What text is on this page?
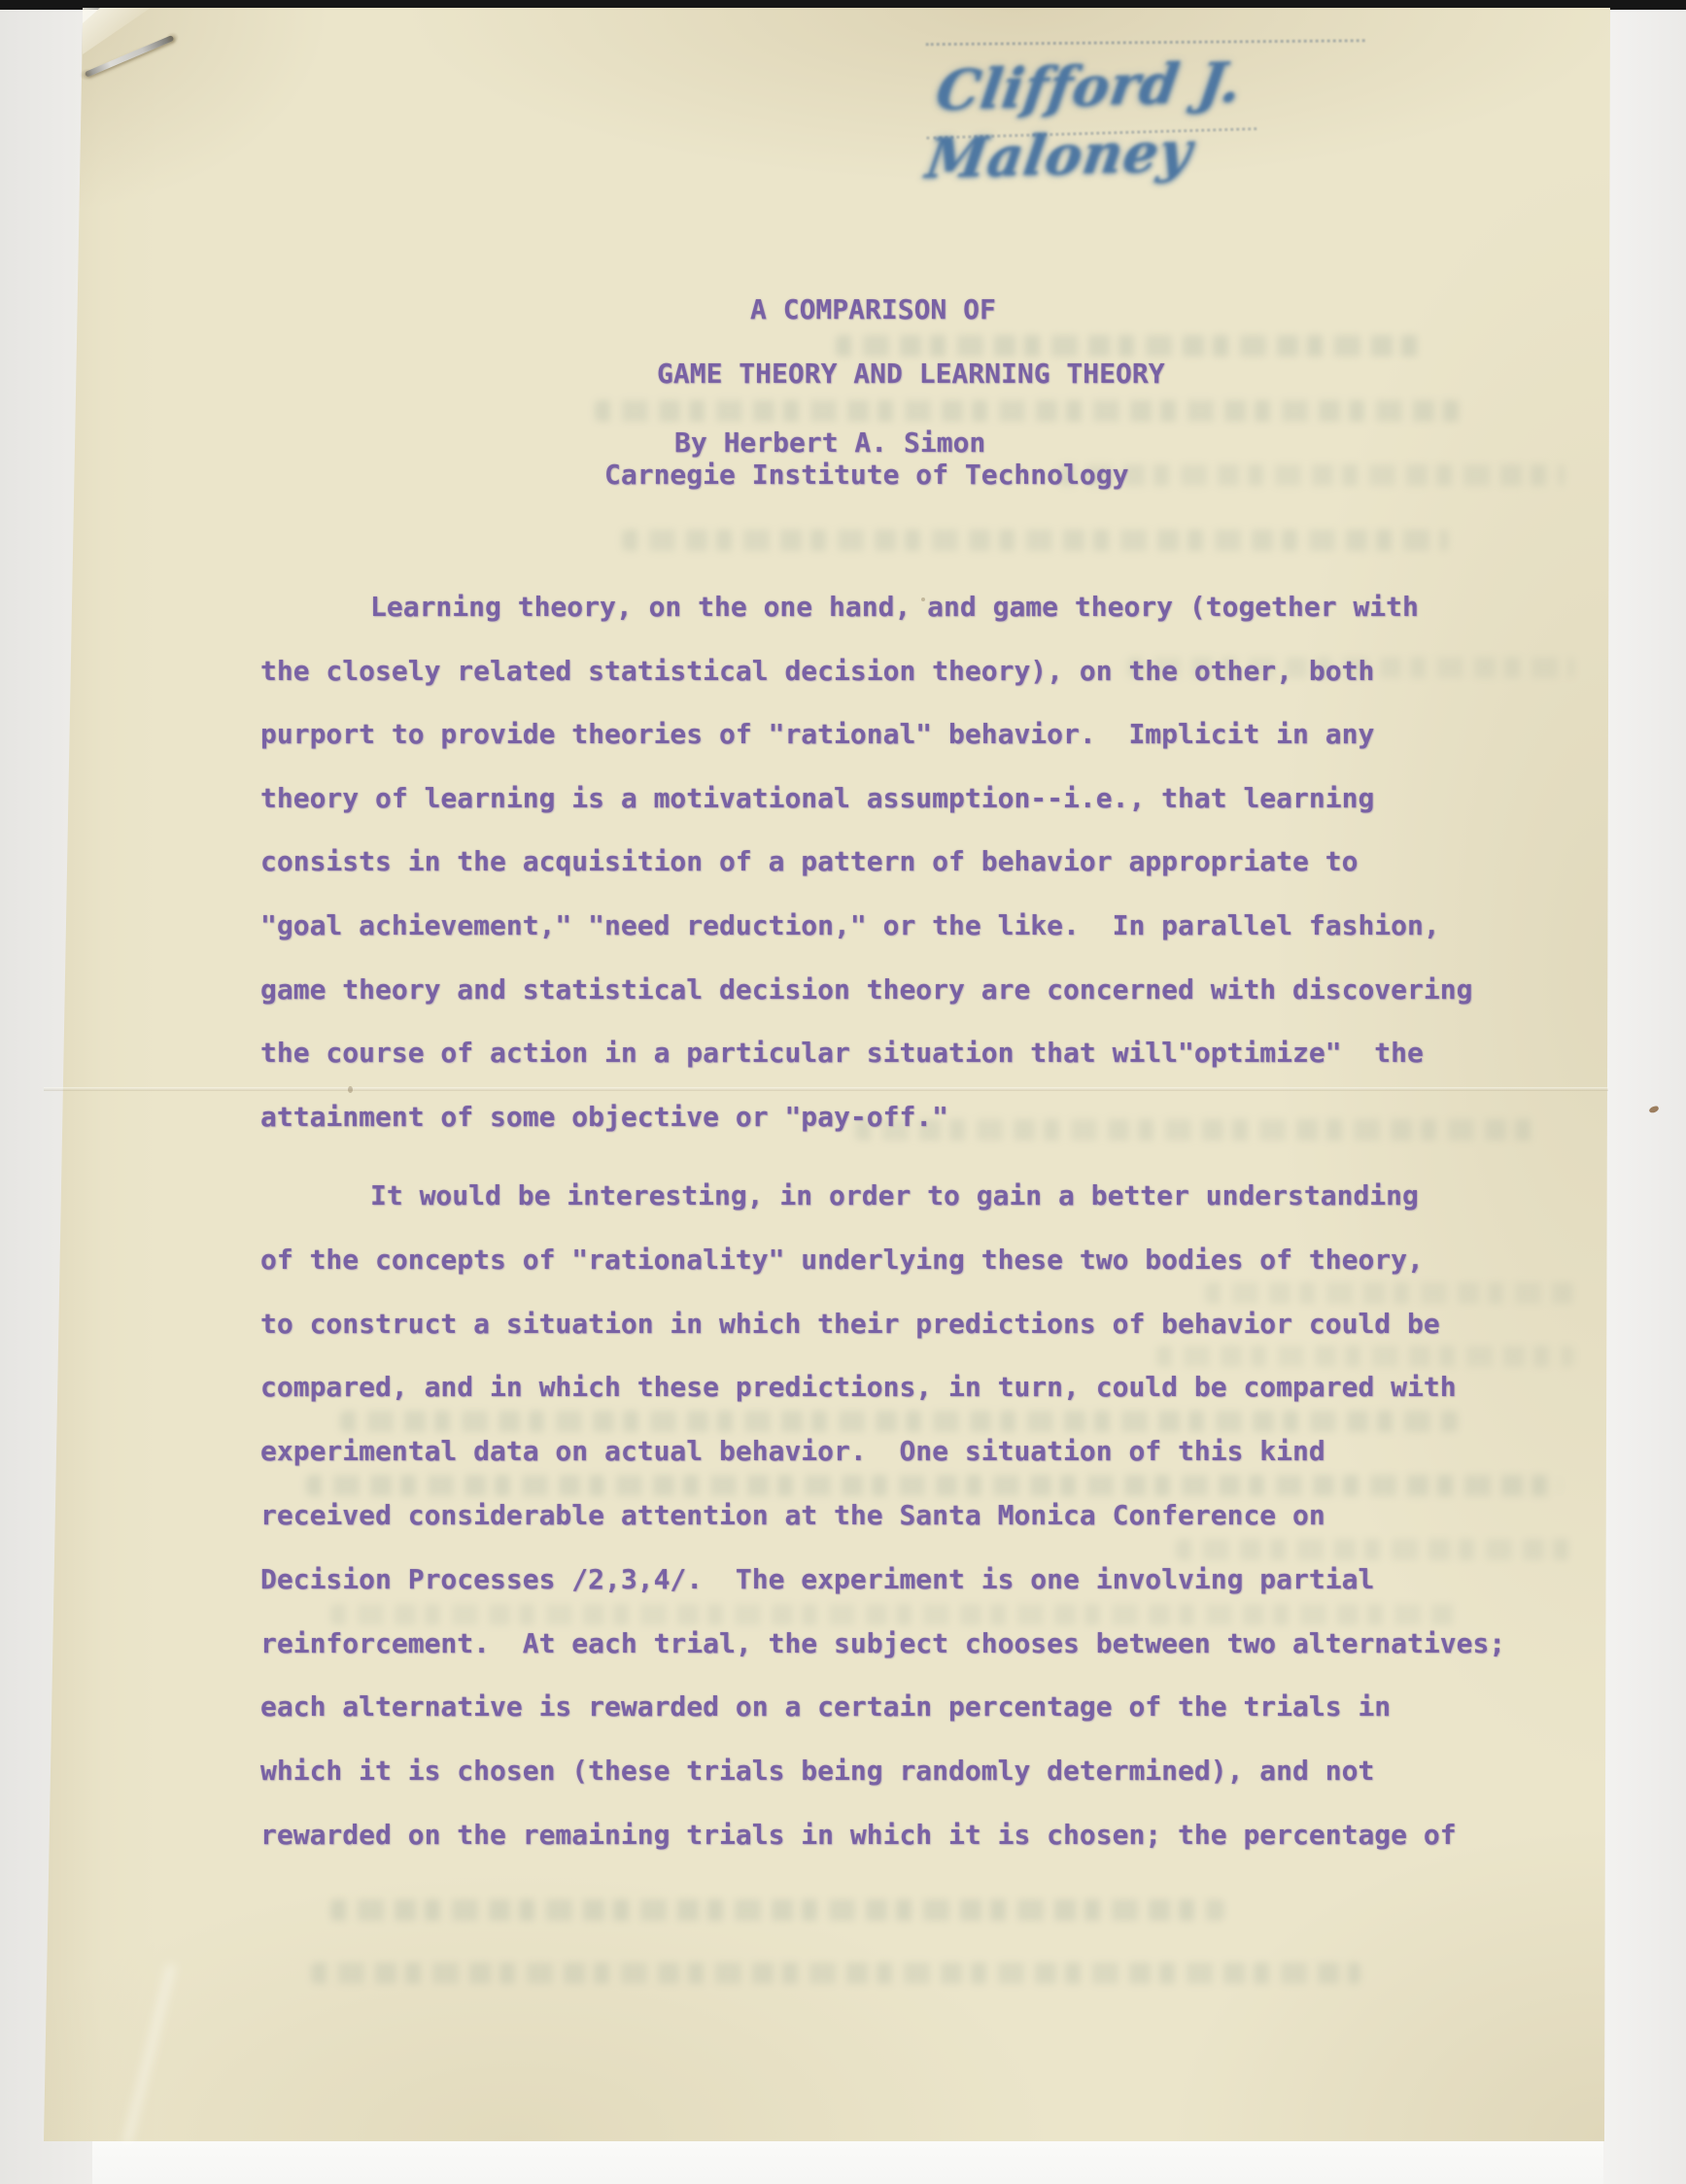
Clifford J. Maloney
A COMPARISON OF
GAME THEORY AND LEARNING THEORY
By Herbert A. Simon
Carnegie Institute of Technology
Learning theory, on the one hand, and game theory (together with
the closely related statistical decision theory), on the other, both
purport to provide theories of "rational" behavior.  Implicit in any
theory of learning is a motivational assumption--i.e., that learning
consists in the acquisition of a pattern of behavior appropriate to
"goal achievement," "need reduction," or the like.  In parallel fashion,
game theory and statistical decision theory are concerned with discovering
the course of action in a particular situation that will"optimize"  the
attainment of some objective or "pay-off."
It would be interesting, in order to gain a better understanding
of the concepts of "rationality" underlying these two bodies of theory,
to construct a situation in which their predictions of behavior could be
compared, and in which these predictions, in turn, could be compared with
experimental data on actual behavior.  One situation of this kind
received considerable attention at the Santa Monica Conference on
Decision Processes /2,3,4/.  The experiment is one involving partial
reinforcement.  At each trial, the subject chooses between two alternatives;
each alternative is rewarded on a certain percentage of the trials in
which it is chosen (these trials being randomly determined), and not
rewarded on the remaining trials in which it is chosen; the percentage of
